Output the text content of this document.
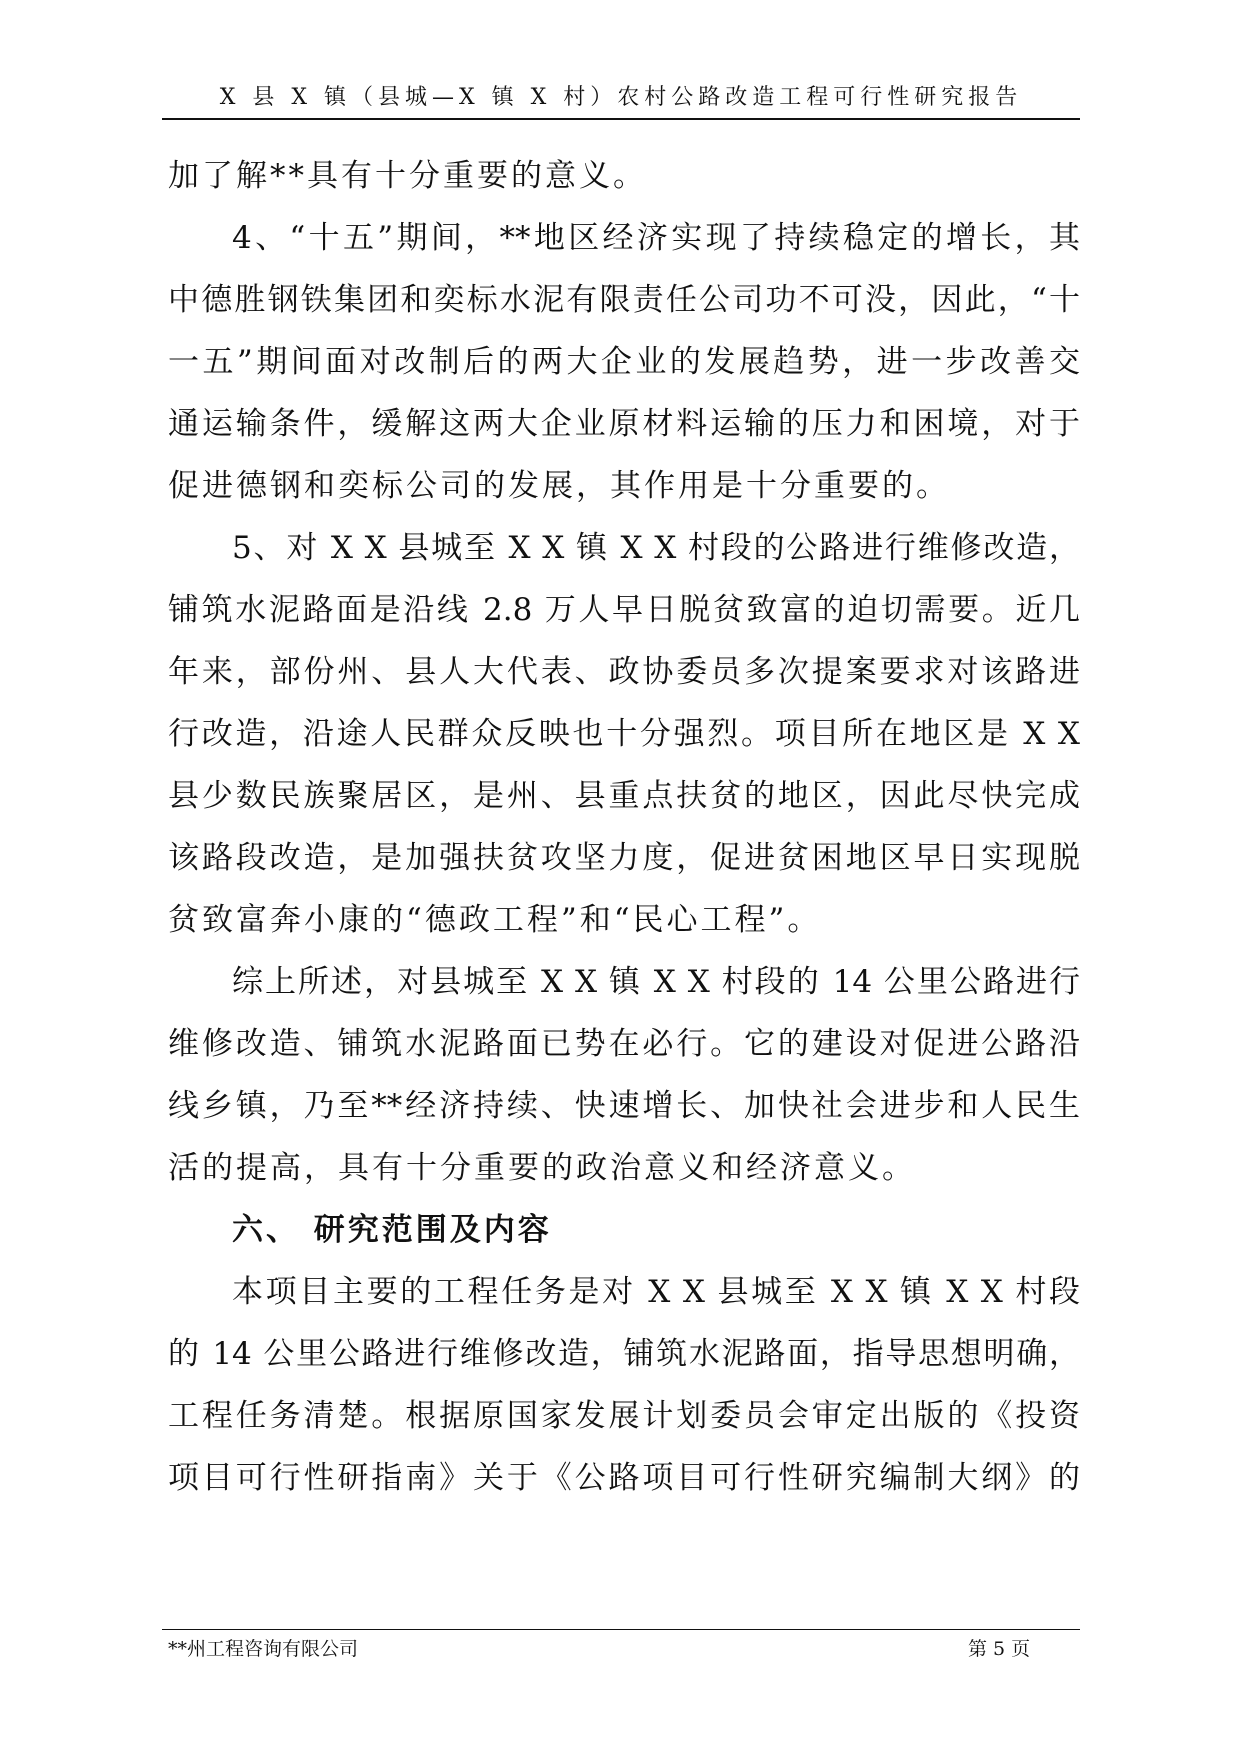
X 县 X 镇（县城—X 镇 X 村）农村公路改造工程可行性研究报告
加了解**具有十分重要的意义。
4、“十五”期间，**地区经济实现了持续稳定的增长，其
中德胜钢铁集团和奕标水泥有限责任公司功不可没，因此，“十
一五”期间面对改制后的两大企业的发展趋势，进一步改善交
通运输条件，缓解这两大企业原材料运输的压力和困境，对于
促进德钢和奕标公司的发展，其作用是十分重要的。
5、对 X X 县城至 X X 镇 X X 村段的公路进行维修改造，
铺筑水泥路面是沿线 2.8 万人早日脱贫致富的迫切需要。近几
年来，部份州、县人大代表、政协委员多次提案要求对该路进
行改造，沿途人民群众反映也十分强烈。项目所在地区是 X X
县少数民族聚居区，是州、县重点扶贫的地区，因此尽快完成
该路段改造，是加强扶贫攻坚力度，促进贫困地区早日实现脱
贫致富奔小康的“德政工程”和“民心工程”。
综上所述，对县城至 X X 镇 X X 村段的 14 公里公路进行
维修改造、铺筑水泥路面已势在必行。它的建设对促进公路沿
线乡镇，乃至**经济持续、快速增长、加快社会进步和人民生
活的提高，具有十分重要的政治意义和经济意义。
六、 研究范围及内容
本项目主要的工程任务是对 X X 县城至 X X 镇 X X 村段
的 14 公里公路进行维修改造，铺筑水泥路面，指导思想明确，
工程任务清楚。根据原国家发展计划委员会审定出版的《投资
项目可行性研指南》关于《公路项目可行性研究编制大纲》的
**州工程咨询有限公司	第 5 页
